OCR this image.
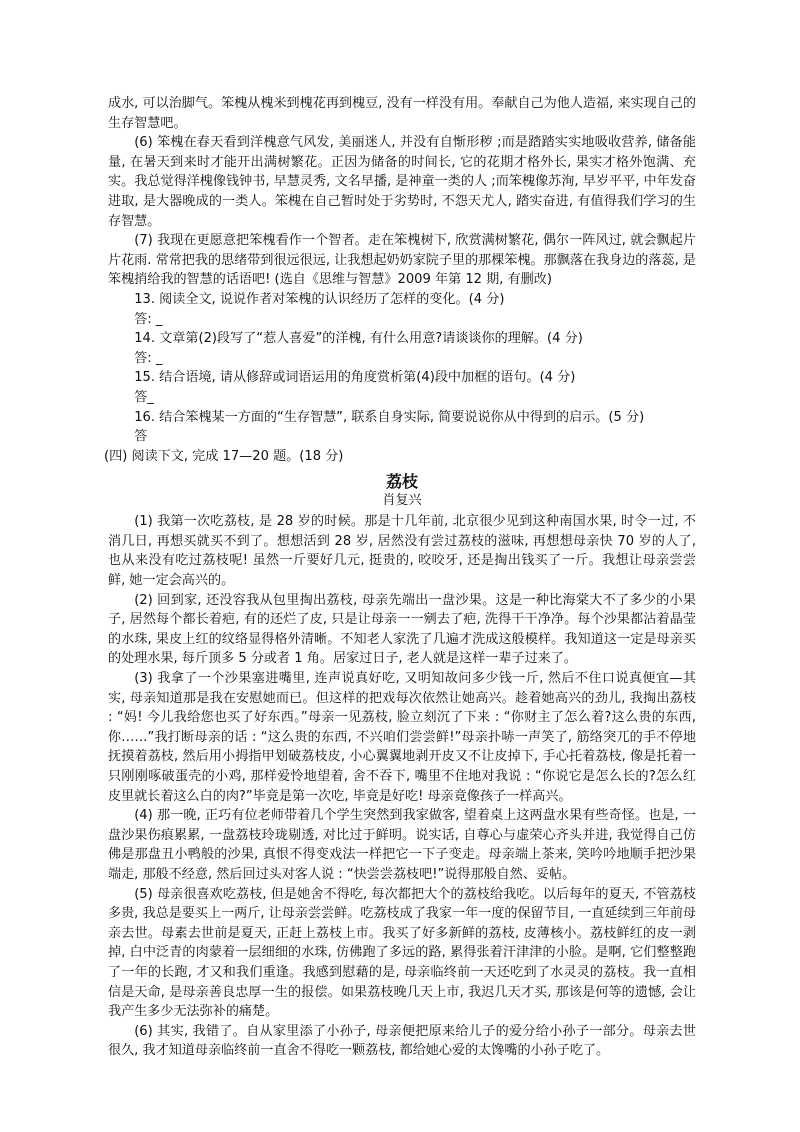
成水, 可以治脚气。笨槐从槐米到槐花再到槐豆, 没有一样没有用。奉献自己为他人造福, 来实现自己的生存智慧吧。

(6) 笨槐在春天看到洋槐意气风发, 美丽迷人, 并没有自惭形秽 ;而是踏踏实实地吸收营养, 储备能量, 在暑天到来时才能开出满树繁花。正因为储备的时间长, 它的花期才格外长, 果实才格外饱满、充实。我总觉得洋槐像钱钟书, 早慧灵秀, 文名早播, 是神童一类的人 ;而笨槐像苏洵, 早岁平平, 中年发奋进取, 是大器晚成的一类人。笨槐在自己暂时处于劣势时, 不怨天尤人, 踏实奋进, 有值得我们学习的生存智慧。

(7) 我现在更愿意把笨槐看作一个智者。走在笨槐树下, 欣赏满树繁花, 偶尔一阵风过, 就会飘起片片花雨. 常常把我的思绪带到很远很远, 让我想起奶奶家院子里的那棵笨槐。那飘落在我身边的落蕊, 是笨槐捎给我的智慧的话语吧! (选自《思维与智慧》2009 年第 12 期, 有删改)

13. 阅读全文, 说说作者对笨槐的认识经历了怎样的变化。(4 分)

答: _

14. 文章第(2)段写了“惹人喜爱”的洋槐, 有什么用意?请谈谈你的理解。(4 分)

答: _

15. 结合语境, 请从修辞或词语运用的角度赏析第(4)段中加框的语句。(4 分)

答_

16. 结合笨槐某一方面的“生存智慧”, 联系自身实际, 简要说说你从中得到的启示。(5 分)

答

(四) 阅读下文, 完成 17—20 题。(18 分)

荔枝

肖复兴

(1) 我第一次吃荔枝, 是 28 岁的时候。那是十几年前, 北京很少见到这种南国水果, 时令一过, 不消几日, 再想买就买不到了。想想活到 28 岁, 居然没有尝过荔枝的滋味, 再想想母亲快 70 岁的人了, 也从来没有吃过荔枝呢! 虽然一斤要好几元, 挺贵的, 咬咬牙, 还是掏出钱买了一斤。我想让母亲尝尝鲜, 她一定会高兴的。

(2) 回到家, 还没容我从包里掏出荔枝, 母亲先端出一盘沙果。这是一种比海棠大不了多少的小果子, 居然每个都长着疤, 有的还烂了皮, 只是让母亲一一剜去了疤, 洗得干干净净。每个沙果都沾着晶莹的水珠, 果皮上红的纹络显得格外清晰。不知老人家洗了几遍才洗成这般模样。我知道这一定是母亲买的处理水果, 每斤顶多 5 分或者 1 角。居家过日子, 老人就是这样一辈子过来了。

(3) 我拿了一个沙果塞进嘴里, 连声说真好吃, 又明知故问多少钱一斤, 然后不住口说真便宜—其实, 母亲知道那是我在安慰她而已。但这样的把戏每次依然让她高兴。趁着她高兴的劲儿, 我掏出荔枝 : “妈! 今儿我给您也买了好东西。”母亲一见荔枝, 脸立刻沉了下来 : “你财主了怎么着?这么贵的东西, 你……”我打断母亲的话 : “这么贵的东西, 不兴咱们尝尝鲜!”母亲扑哧一声笑了, 筋络突兀的手不停地抚摸着荔枝, 然后用小拇指甲划破荔枝皮, 小心翼翼地剥开皮又不让皮掉下, 手心托着荔枝, 像是托着一只刚刚啄破蛋壳的小鸡, 那样爱怜地望着, 舍不吞下, 嘴里不住地对我说 : “你说它是怎么长的?怎么红皮里就长着这么白的肉?”毕竟是第一次吃, 毕竟是好吃! 母亲竟像孩子一样高兴。

(4) 那一晚, 正巧有位老师带着几个学生突然到我家做客, 望着桌上这两盘水果有些奇怪。也是, 一盘沙果伤痕累累, 一盘荔枝玲珑剔透, 对比过于鲜明。说实话, 自尊心与虚荣心齐头并进, 我觉得自己仿佛是那盘丑小鸭般的沙果, 真恨不得变戏法一样把它一下子变走。母亲端上茶来, 笑吟吟地顺手把沙果端走, 那般不经意, 然后回过头对客人说 : “快尝尝荔枝吧!”说得那般自然、妥帖。

(5) 母亲很喜欢吃荔枝, 但是她舍不得吃, 每次都把大个的荔枝给我吃。以后每年的夏天, 不管荔枝多贵, 我总是要买上一两斤, 让母亲尝尝鲜。吃荔枝成了我家一年一度的保留节目, 一直延续到三年前母亲去世。母素去世前是夏天, 正赶上荔枝上市。我买了好多新鲜的荔枝, 皮薄核小。荔枝鲜红的皮一剥掉, 白中泛青的肉蒙着一层细细的水珠, 仿佛跑了多远的路, 累得张着汗津津的小脸。是啊, 它们整整跑了一年的长跑, 才又和我们重逢。我感到慰藉的是, 母亲临终前一天还吃到了水灵灵的荔枝。我一直相信是天命, 是母亲善良忠厚一生的报偿。如果荔枝晚几天上市, 我迟几天才买, 那该是何等的遗憾, 会让我产生多少无法弥补的痛楚。

(6) 其实, 我错了。自从家里添了小孙子, 母亲便把原来给儿子的爱分给小孙子一部分。母亲去世很久, 我才知道母亲临终前一直舍不得吃一颗荔枝, 都给她心爱的太馋嘴的小孙子吃了。
